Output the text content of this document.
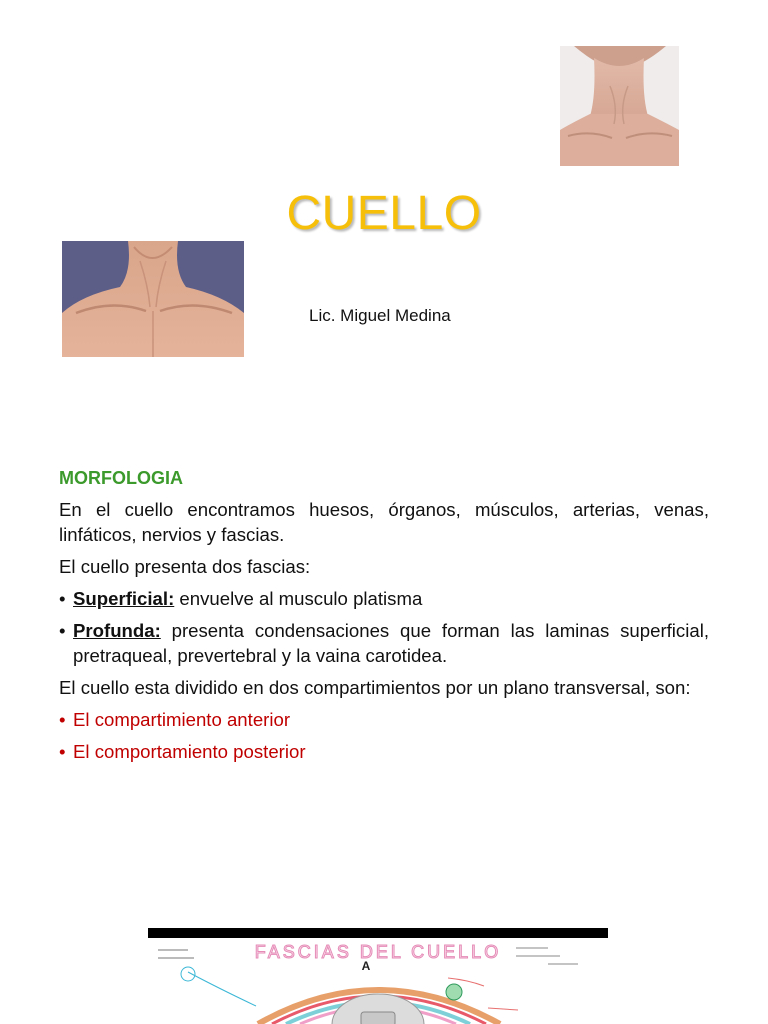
CUELLO
Lic. Miguel Medina
MORFOLOGIA

En el cuello encontramos huesos, órganos, músculos, arterias, venas, linfáticos, nervios y fascias.

El cuello presenta dos fascias:

• Superficial: envuelve al musculo platisma
• Profunda: presenta condensaciones que forman las laminas superficial, pretraqueal, prevertebral y la vaina carotidea.

El cuello esta dividido en dos compartimientos por un plano transversal, son:

• El compartimiento anterior
• El comportamiento posterior
FASCIAS DEL CUELLO
A
